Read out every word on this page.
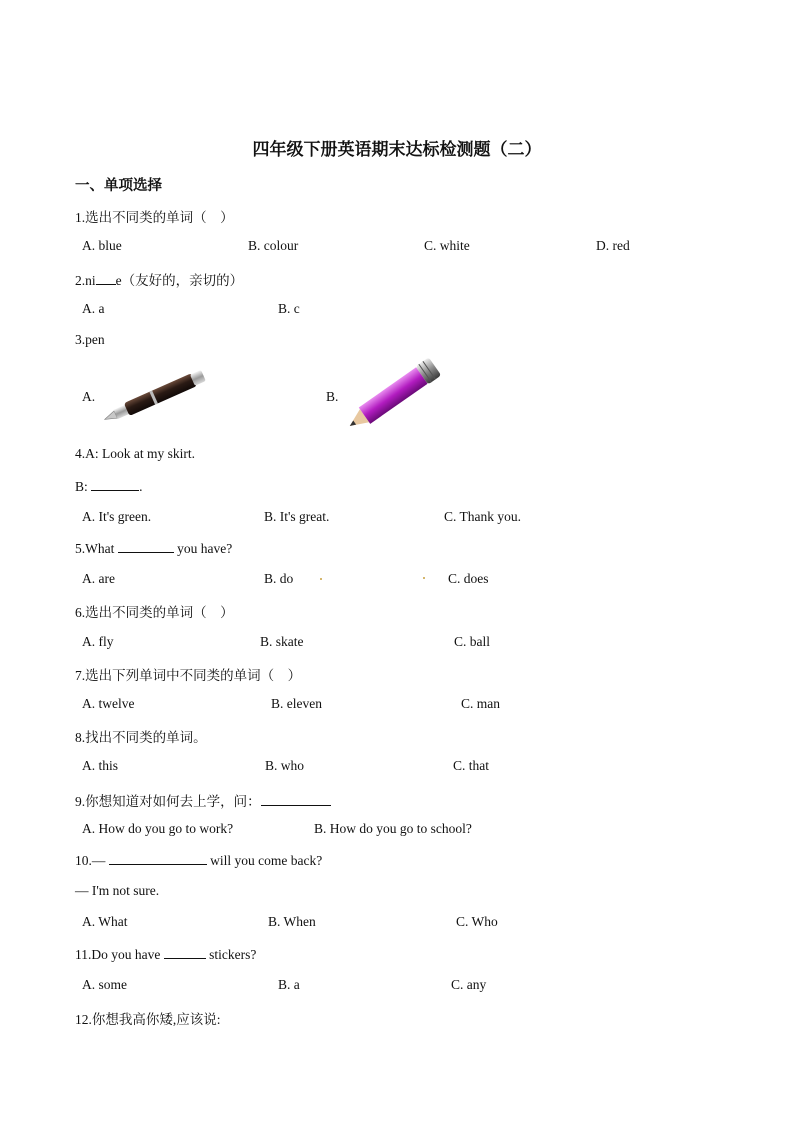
四年级下册英语期末达标检测题（二）
一、单项选择
1.选出不同类的单词（　）
A. blue	B. colour	C. white	D. red
2.ni e（友好的，亲切的）
A. a	B. c
3.pen
A.	B.
4.A: Look at my skirt.
B:	.
A. It's green.	B. It's great.	C. Thank you.
5.What	you have?
A. are	B. do	C. does
6.选出不同类的单词（　）
A. fly	B. skate	C. ball
7.选出下列单词中不同类的单词（　）
A. twelve	B. eleven	C. man
8.找出不同类的单词。
A. this	B. who	C. that
9.你想知道对如何去上学，问：
A. How do you go to work?	B. How do you go to school?
10.—	will you come back?
— I'm not sure.
A. What	B. When	C. Who
11.Do you have	stickers?
A. some	B. a	C. any
12.你想我高你矮,应该说:
